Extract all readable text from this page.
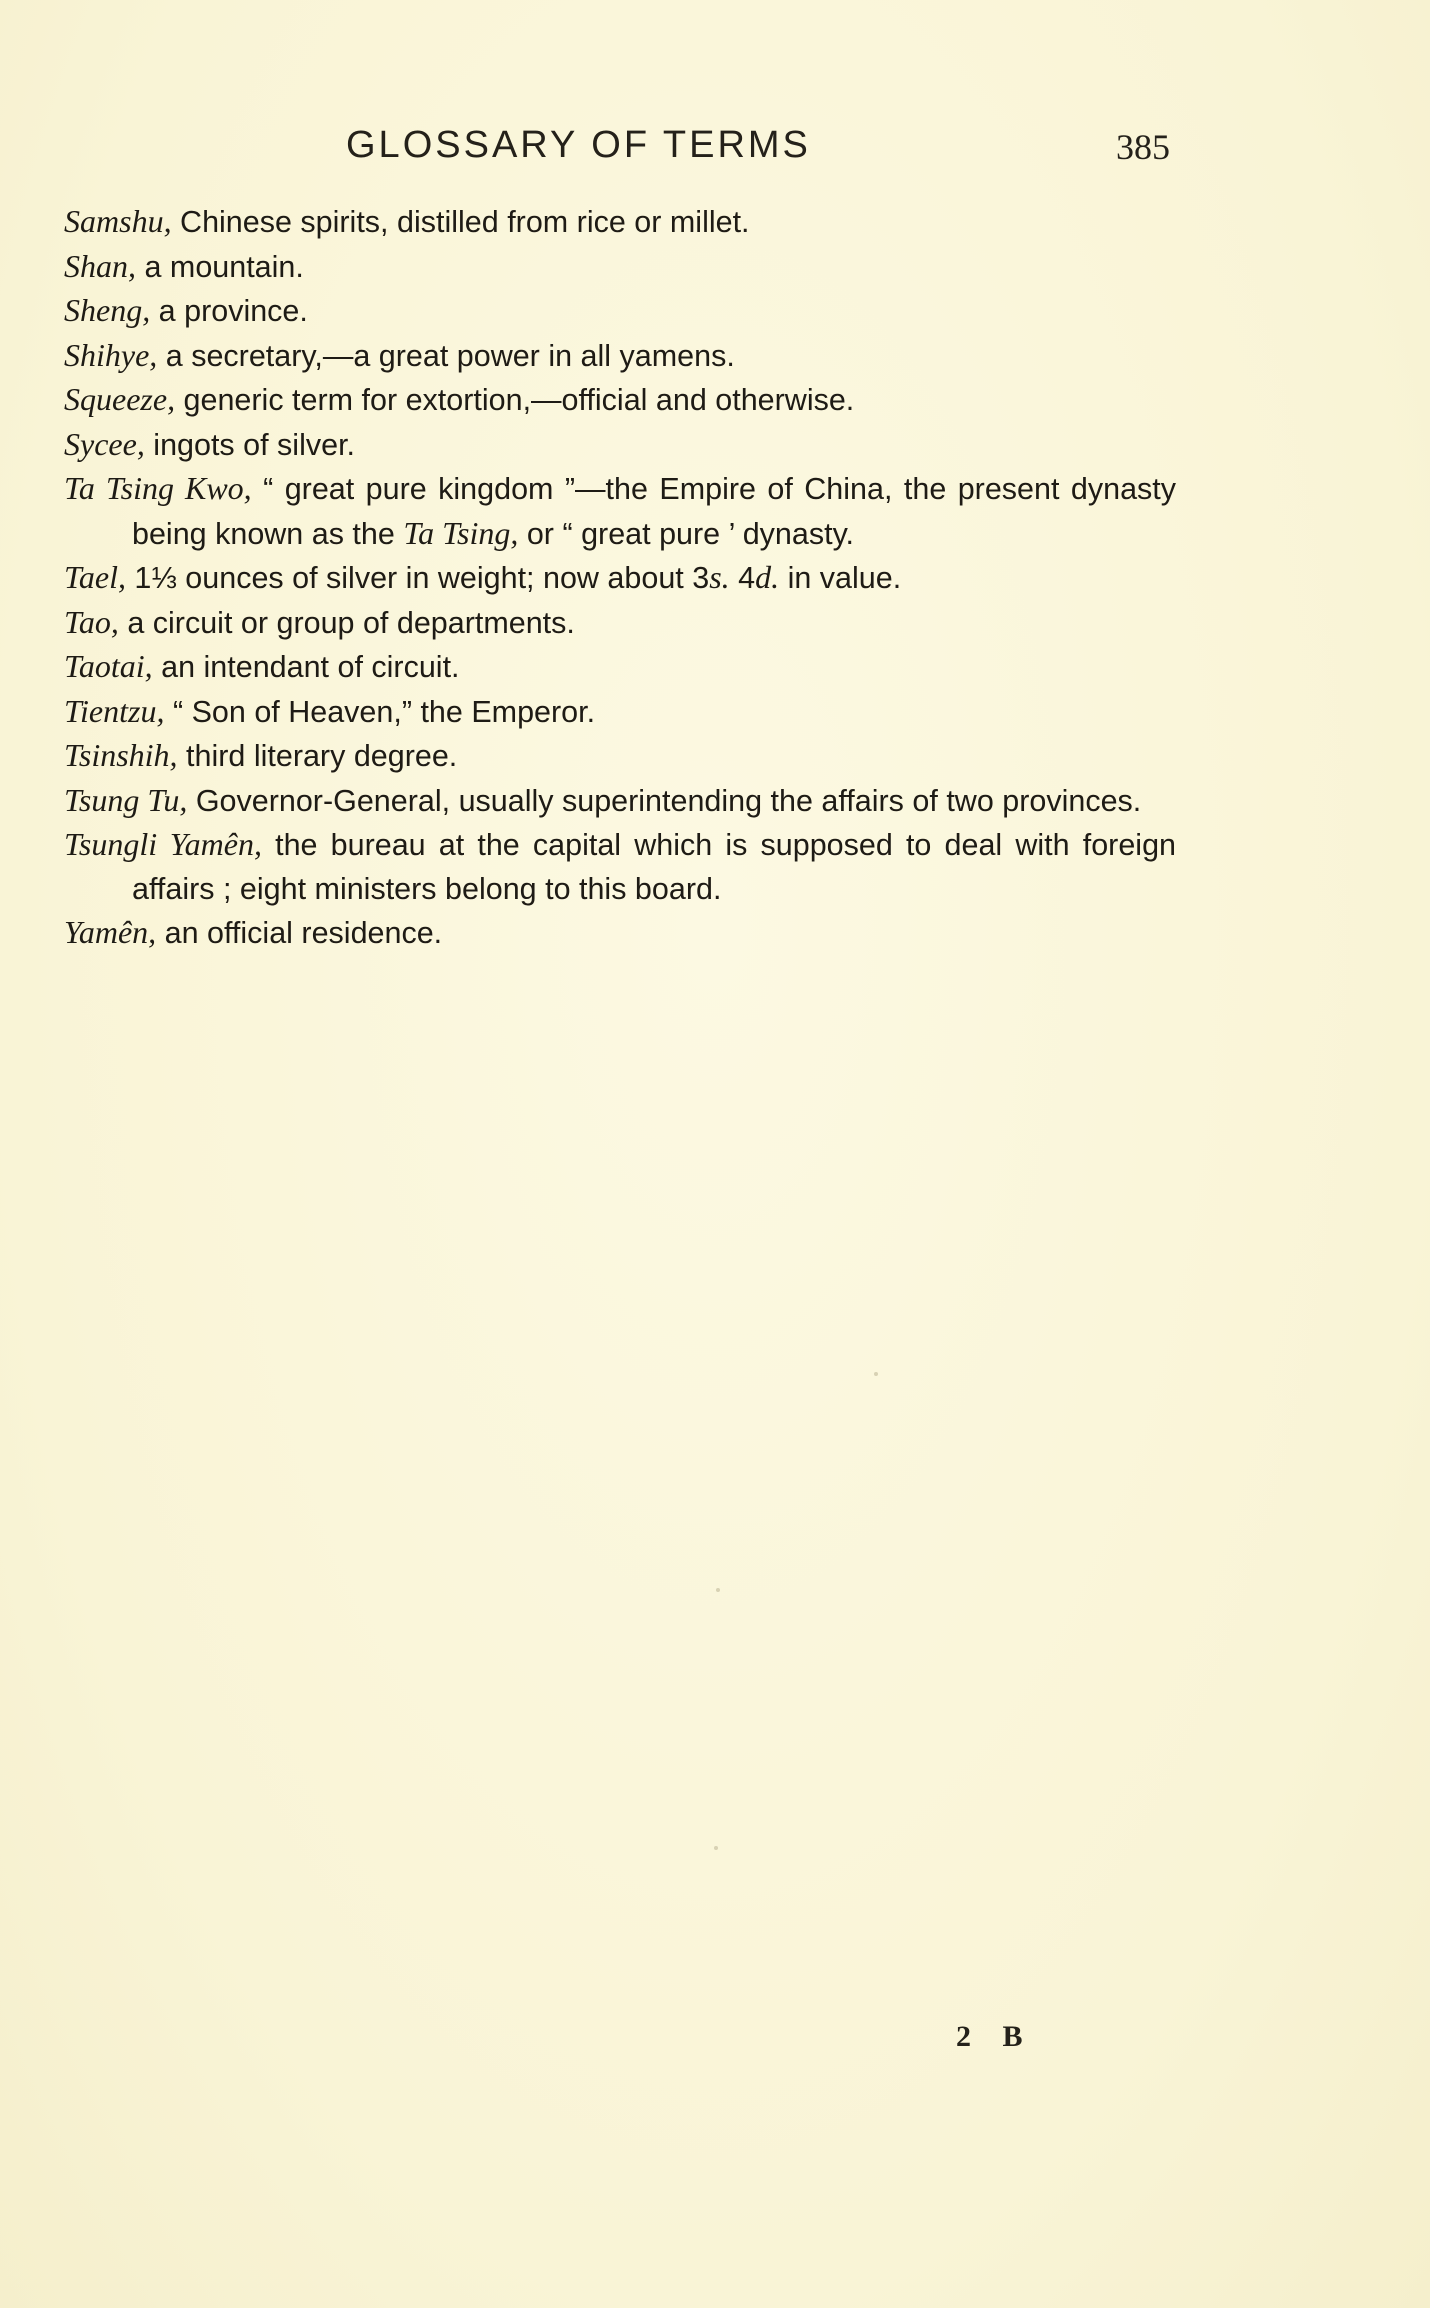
GLOSSARY OF TERMS	385
Samshu, Chinese spirits, distilled from rice or millet.
Shan, a mountain.
Sheng, a province.
Shihye, a secretary,—a great power in all yamens.
Squeeze, generic term for extortion,—official and otherwise.
Sycee, ingots of silver.
Ta Tsing Kwo, “ great pure kingdom ”—the Empire of China, the present dynasty being known as the Ta Tsing, or “ great pure ’ dynasty.
Tael, 1⅓ ounces of silver in weight; now about 3s. 4d. in value.
Tao, a circuit or group of departments.
Taotai, an intendant of circuit.
Tientzu, “ Son of Heaven,” the Emperor.
Tsinshih, third literary degree.
Tsung Tu, Governor-General, usually superintending the affairs of two provinces.
Tsungli Yamên, the bureau at the capital which is supposed to deal with foreign affairs ; eight ministers belong to this board.
Yamên, an official residence.
2 B
